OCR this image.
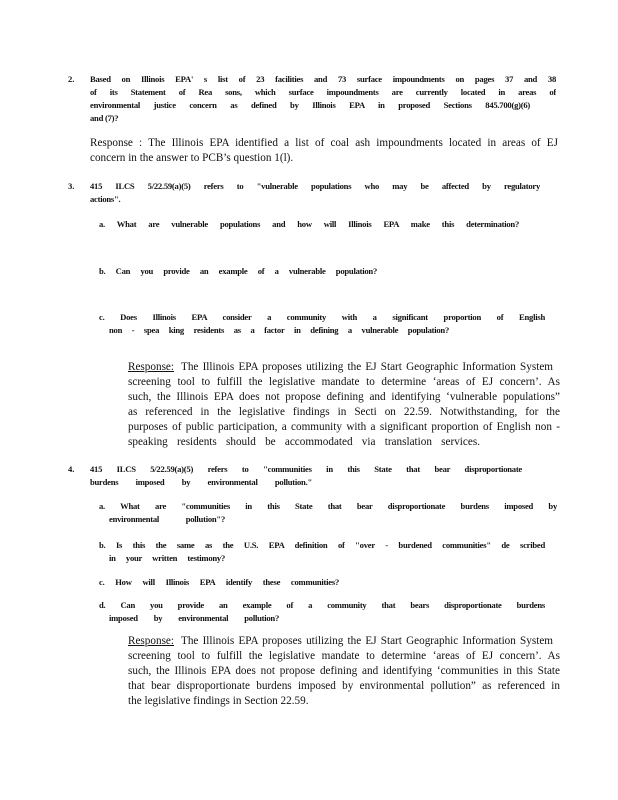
2. Based on Illinois EPA' s list of 23 facilities and 73 surface impoundments on pages 37 and 38
of its Statement of Rea sons, which surface impoundments are currently located in areas of
environmental justice concern as defined by Illinois EPA in proposed Sections 845.700(g)(6)
and (7)?
Response : The Illinois EPA identified a list of coal ash impoundments located in areas of EJ
concern in the answer to PCB’s question 1(l).
3. 415 ILCS 5/22.59(a)(5) refers to "vulnerable populations who may be affected by regulatory
actions".
a. What are vulnerable populations and how will Illinois EPA make this determination?
b. Can you provide an example of a vulnerable population?
c. Does Illinois EPA consider a community with a significant proportion of English
non - spea king residents as a factor in defining a vulnerable population?
Response: The Illinois EPA proposes utilizing the EJ Start Geographic Information System
screening tool to fulfill the legislative mandate to determine ‘areas of EJ concern’. As
such, the Illinois EPA does not propose defining and identifying ‘vulnerable populations”
as referenced in the legislative findings in Secti on 22.59. Notwithstanding, for the
purposes of public participation, a community with a significant proportion of English non -
speaking residents should be accommodated via translation services.
4. 415 ILCS 5/22.59(a)(5) refers to "communities in this State that bear disproportionate
burdens imposed by environmental pollution."
a. What are "communities in this State that bear disproportionate burdens imposed by
environmental pollution"?
b. Is this the same as the U.S. EPA definition of "over - burdened communities" de scribed
in your written testimony?
c. How will Illinois EPA identify these communities?
d. Can you provide an example of a community that bears disproportionate burdens
imposed by environmental pollution?
Response: The Illinois EPA proposes utilizing the EJ Start Geographic Information System
screening tool to fulfill the legislative mandate to determine ‘areas of EJ concern’. As
such, the Illinois EPA does not propose defining and identifying ‘communities in this State
that bear disproportionate burdens imposed by environmental pollution” as referenced in
the legislative findings in Section 22.59.
